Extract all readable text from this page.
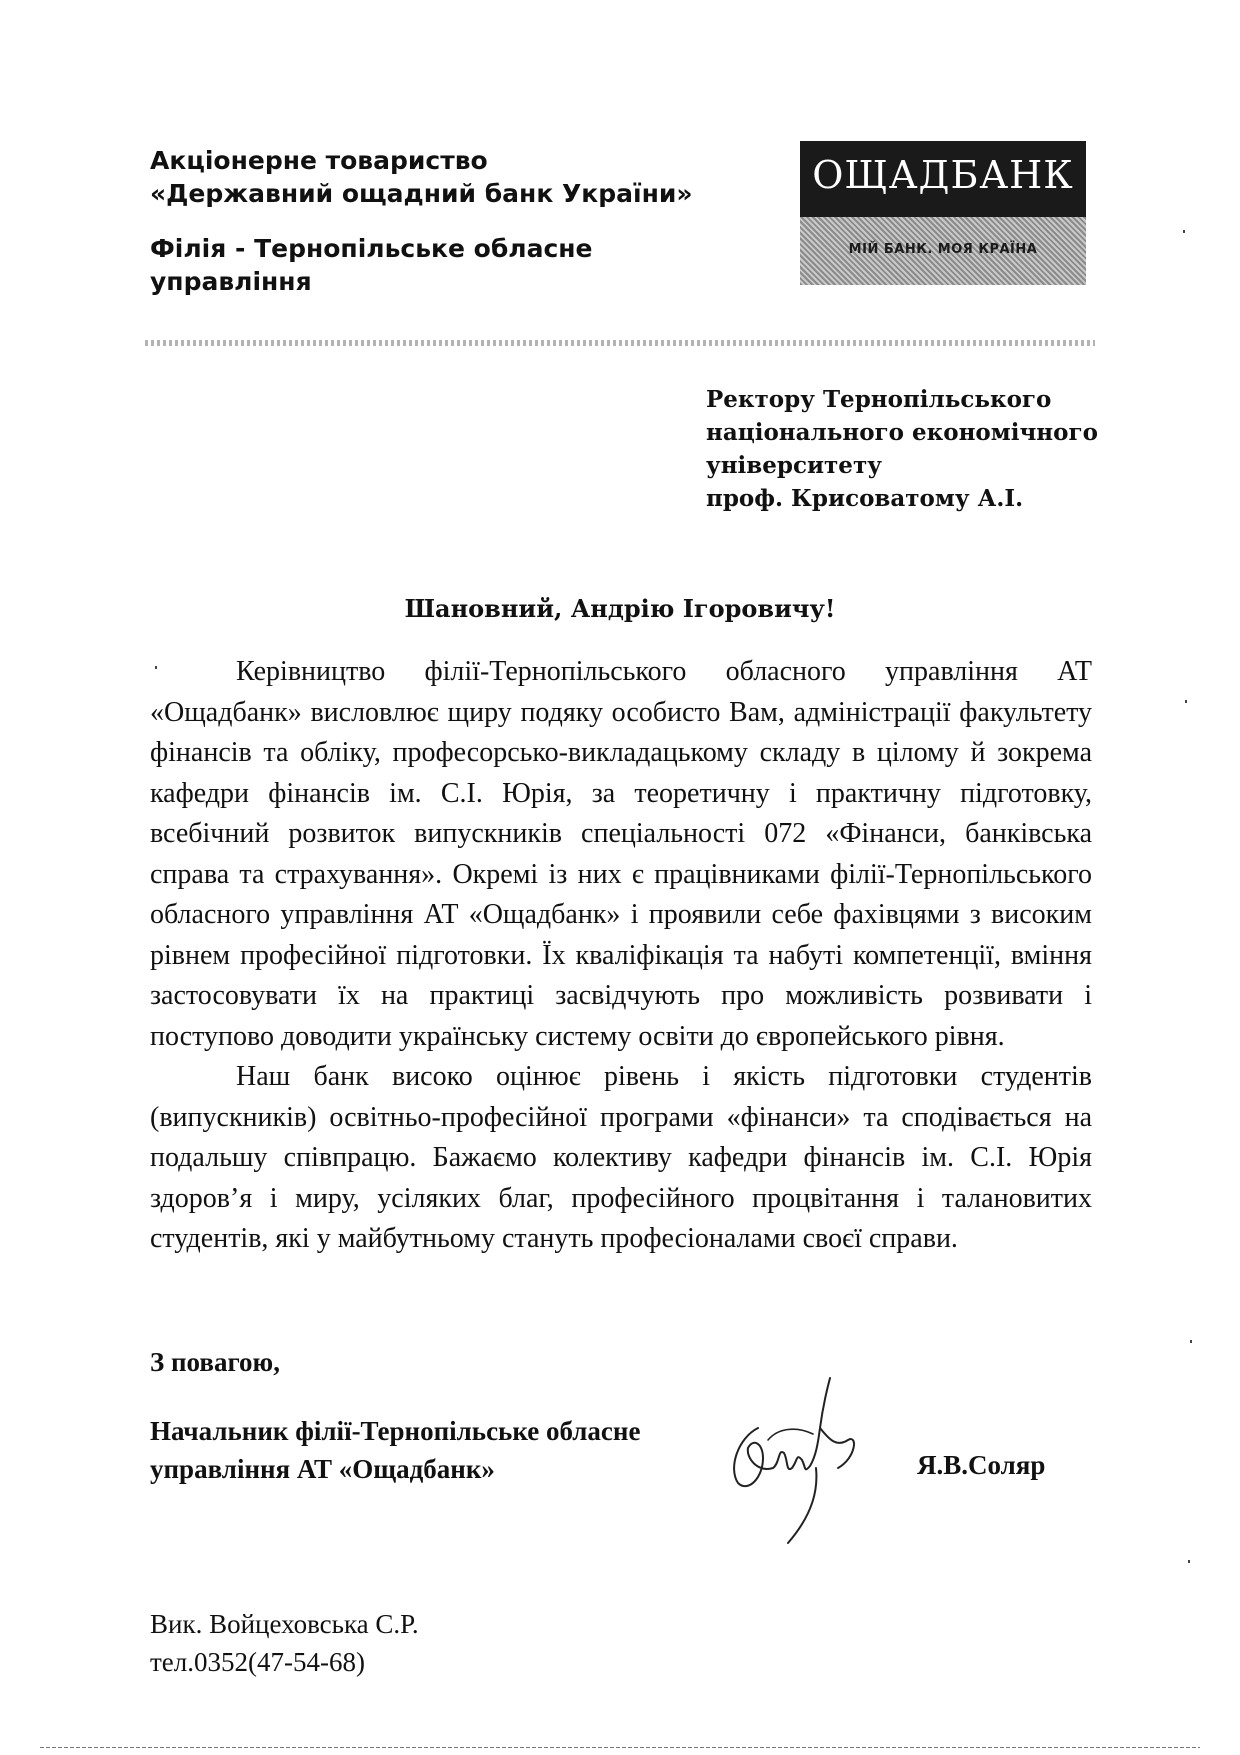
Акціонерне товариство
«Державний ощадний банк України»
Філія - Тернопільське обласне
управління
ОЩАДБАНК
МІЙ БАНК. МОЯ КРАЇНА
Ректору Тернопільського
національного економічного
університету
проф. Крисоватому А.І.
Шановний, Андрію Ігоровичу!

Керівництво філії-Тернопільського обласного управління АТ «Ощадбанк» висловлює щиру подяку особисто Вам, адміністрації факультету фінансів та обліку, професорсько-викладацькому складу в цілому й зокрема кафедри фінансів ім. С.І. Юрія, за теоретичну і практичну підготовку, всебічний розвиток випускників спеціальності 072 «Фінанси, банківська справа та страхування». Окремі із них є працівниками філії-Тернопільського обласного управління АТ «Ощадбанк» і проявили себе фахівцями з високим рівнем професійної підготовки. Їх кваліфікація та набуті компетенції, вміння застосовувати їх на практиці засвідчують про можливість розвивати і поступово доводити українську систему освіти до європейського рівня.

Наш банк високо оцінює рівень і якість підготовки студентів (випускників) освітньо-професійної програми «фінанси» та сподівається на подальшу співпрацю. Бажаємо колективу кафедри фінансів ім. С.І. Юрія здоров’я і миру, усіляких благ, професійного процвітання і талановитих студентів, які у майбутньому стануть професіоналами своєї справи.

З повагою,
Начальник філії-Тернопільське обласне
управління АТ «Ощадбанк»	Я.В.Соляр
Вик. Войцеховська С.Р.
тел.0352(47-54-68)
